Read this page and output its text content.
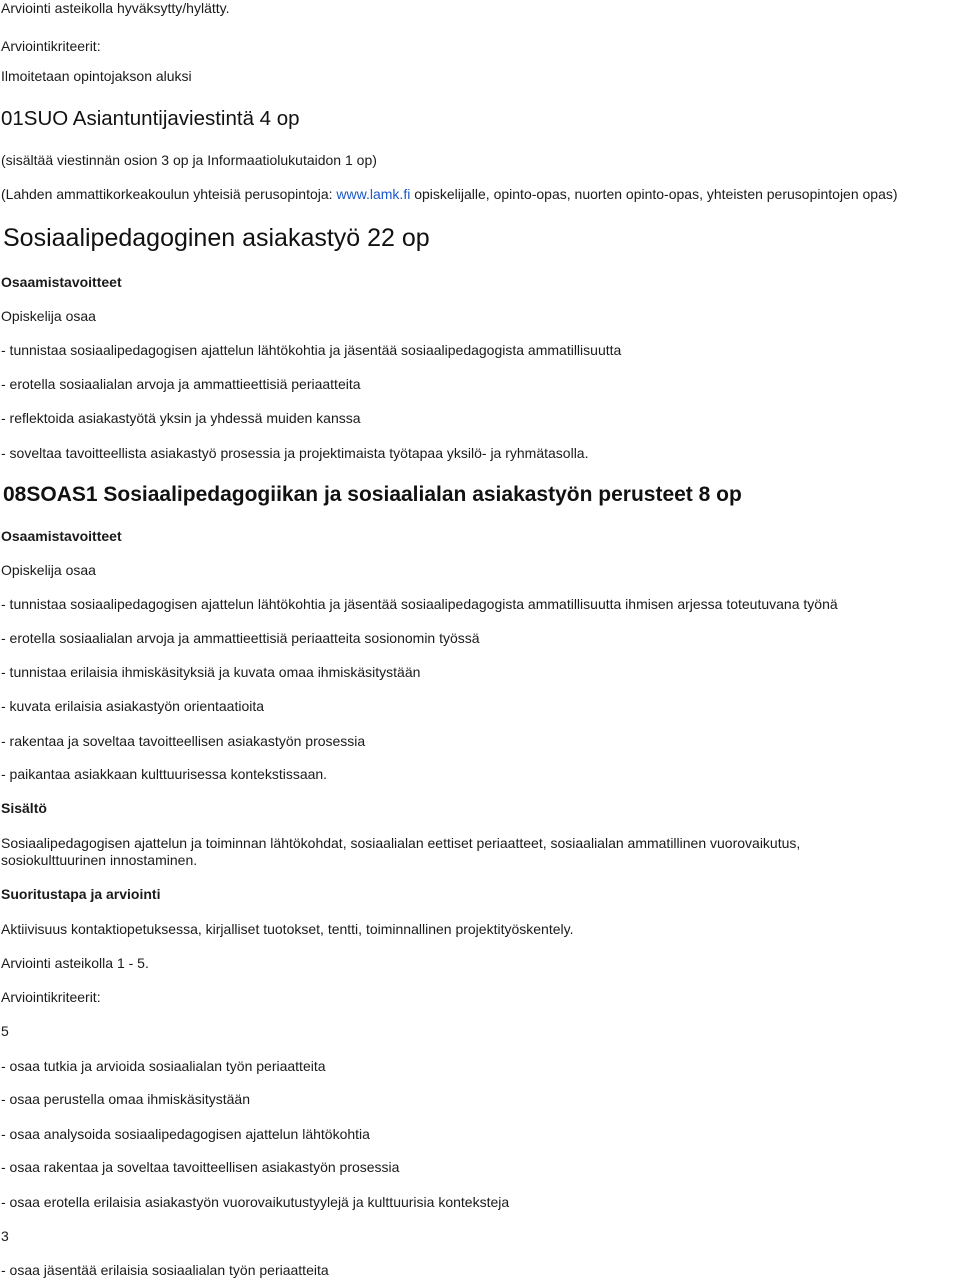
Arviointi asteikolla hyväksytty/hylätty.
Arviointikriteerit:
Ilmoitetaan opintojakson aluksi
01SUO Asiantuntijaviestintä 4 op
(sisältää viestinnän osion 3 op ja Informaatiolukutaidon 1 op)
(Lahden ammattikorkeakoulun yhteisiä perusopintoja: www.lamk.fi opiskelijalle, opinto-opas, nuorten opinto-opas, yhteisten perusopintojen opas)
Sosiaalipedagoginen asiakastyö 22 op
Osaamistavoitteet
Opiskelija osaa
- tunnistaa sosiaalipedagogisen ajattelun lähtökohtia ja jäsentää sosiaalipedagogista ammatillisuutta
- erotella sosiaalialan arvoja ja ammattieettisiä periaatteita
- reflektoida asiakastyötä yksin ja yhdessä muiden kanssa
- soveltaa tavoitteellista asiakastyö prosessia ja projektimaista työtapaa yksilö- ja ryhmätasolla.
08SOAS1 Sosiaalipedagogiikan ja sosiaalialan asiakastyön perusteet 8 op
Osaamistavoitteet
Opiskelija osaa
- tunnistaa sosiaalipedagogisen ajattelun lähtökohtia ja jäsentää sosiaalipedagogista ammatillisuutta ihmisen arjessa toteutuvana työnä
- erotella sosiaalialan arvoja ja ammattieettisiä periaatteita sosionomin työssä
- tunnistaa erilaisia ihmiskäsityksiä ja kuvata omaa ihmiskäsitystään
- kuvata erilaisia asiakastyön orientaatioita
- rakentaa ja soveltaa tavoitteellisen asiakastyön prosessia
- paikantaa asiakkaan kulttuurisessa kontekstissaan.
Sisältö
Sosiaalipedagogisen ajattelun ja toiminnan lähtökohdat, sosiaalialan eettiset periaatteet, sosiaalialan ammatillinen vuorovaikutus, sosiokulttuurinen innostaminen.
Suoritustapa ja arviointi
Aktiivisuus kontaktiopetuksessa, kirjalliset tuotokset, tentti, toiminnallinen projektityöskentely.
Arviointi asteikolla 1 - 5.
Arviointikriteerit:
5
- osaa tutkia ja arvioida sosiaalialan työn periaatteita
- osaa perustella omaa ihmiskäsitystään
- osaa analysoida sosiaalipedagogisen ajattelun lähtökohtia
- osaa rakentaa ja soveltaa tavoitteellisen asiakastyön prosessia
- osaa erotella erilaisia asiakastyön vuorovaikutustyylejä ja kulttuurisia konteksteja
3
- osaa jäsentää erilaisia sosiaalialan työn periaatteita
